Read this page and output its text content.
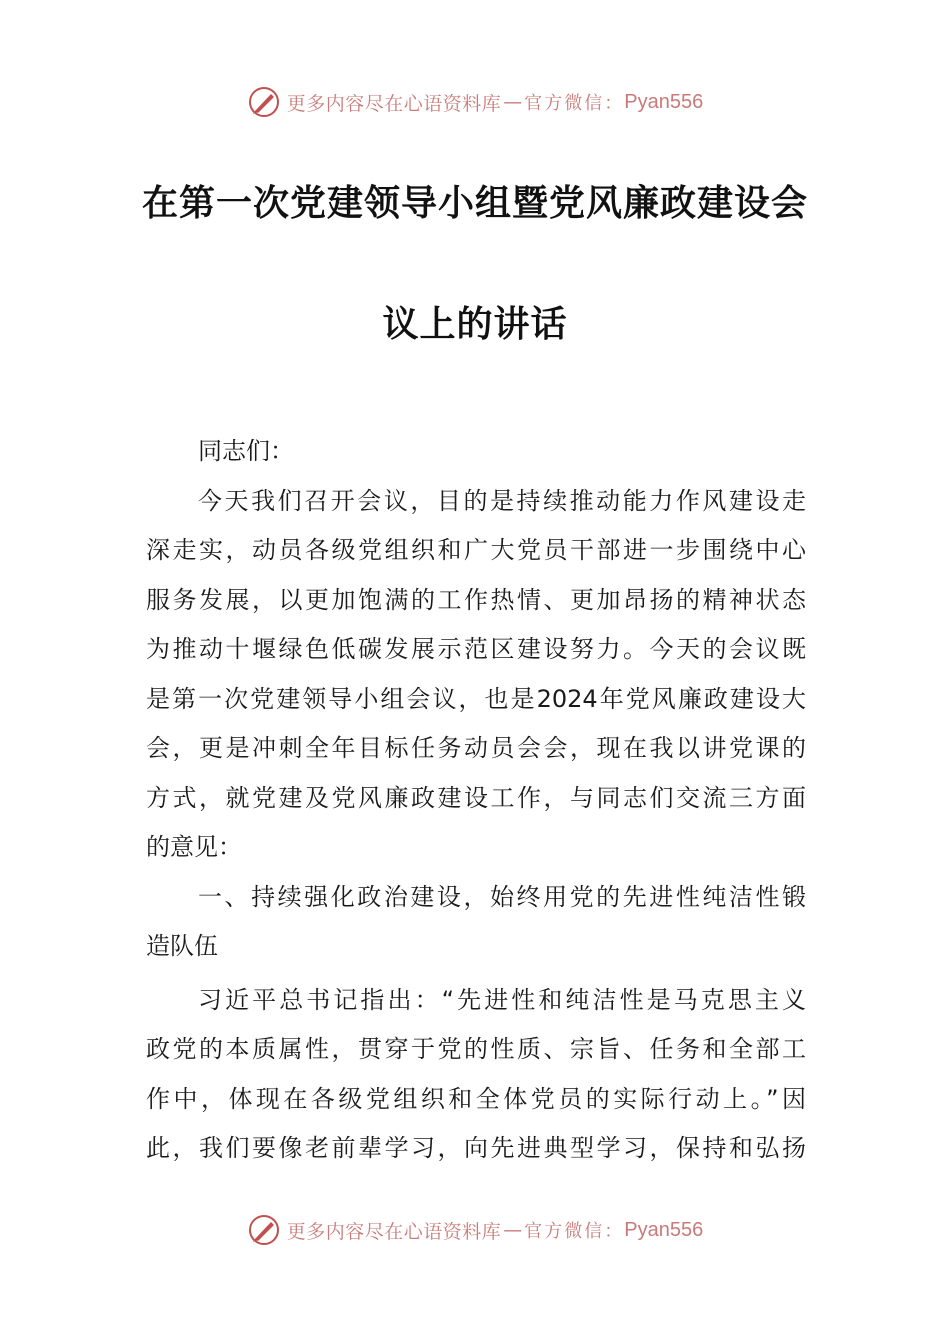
更多内容尽在心语资料库 — 官方微信： Pyan556
在第一次党建领导小组暨党风廉政建设会
议上的讲话
同志们：
今天我们召开会议，目的是持续推动能力作风建设走
深走实，动员各级党组织和广大党员干部进一步围绕中心
服务发展，以更加饱满的工作热情、更加昂扬的精神状态
为推动十堰绿色低碳发展示范区建设努力。今天的会议既
是第一次党建领导小组会议，也是2024年党风廉政建设大
会，更是冲刺全年目标任务动员会会，现在我以讲党课的
方式，就党建及党风廉政建设工作，与同志们交流三方面
的意见：
一、持续强化政治建设，始终用党的先进性纯洁性锻
造队伍
习近平总书记指出：“先进性和纯洁性是马克思主义
政党的本质属性，贯穿于党的性质、宗旨、任务和全部工
作中，体现在各级党组织和全体党员的实际行动上。”因
此，我们要像老前辈学习，向先进典型学习，保持和弘扬
更多内容尽在心语资料库 — 官方微信： Pyan556
